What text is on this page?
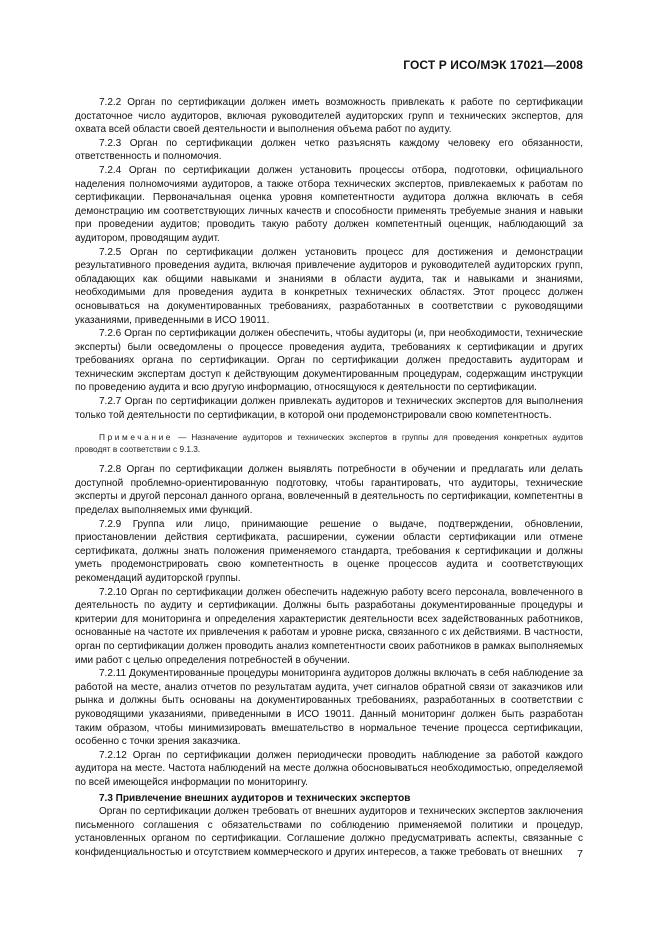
ГОСТ Р ИСО/МЭК 17021—2008

7.2.2 Орган по сертификации должен иметь возможность привлекать к работе по сертификации достаточное число аудиторов, включая руководителей аудиторских групп и технических экспертов, для охвата всей области своей деятельности и выполнения объема работ по аудиту.

7.2.3 Орган по сертификации должен четко разъяснять каждому человеку его обязанности, ответственность и полномочия.

7.2.4 Орган по сертификации должен установить процессы отбора, подготовки, официального наделения полномочиями аудиторов, а также отбора технических экспертов, привлекаемых к работам по сертификации. Первоначальная оценка уровня компетентности аудитора должна включать в себя демонстрацию им соответствующих личных качеств и способности применять требуемые знания и навыки при проведении аудитов; проводить такую работу должен компетентный оценщик, наблюдающий за аудитором, проводящим аудит.

7.2.5 Орган по сертификации должен установить процесс для достижения и демонстрации результативного проведения аудита, включая привлечение аудиторов и руководителей аудиторских групп, обладающих как общими навыками и знаниями в области аудита, так и навыками и знаниями, необходимыми для проведения аудита в конкретных технических областях. Этот процесс должен основываться на документированных требованиях, разработанных в соответствии с руководящими указаниями, приведенными в ИСО 19011.

7.2.6 Орган по сертификации должен обеспечить, чтобы аудиторы (и, при необходимости, технические эксперты) были осведомлены о процессе проведения аудита, требованиях к сертификации и других требованиях органа по сертификации. Орган по сертификации должен предоставить аудиторам и техническим экспертам доступ к действующим документированным процедурам, содержащим инструкции по проведению аудита и всю другую информацию, относящуюся к деятельности по сертификации.

7.2.7 Орган по сертификации должен привлекать аудиторов и технических экспертов для выполнения только той деятельности по сертификации, в которой они продемонстрировали свою компетентность.

Примечание — Назначение аудиторов и технических экспертов в группы для проведения конкретных аудитов проводят в соответствии с 9.1.3.

7.2.8 Орган по сертификации должен выявлять потребности в обучении и предлагать или делать доступной проблемно-ориентированную подготовку, чтобы гарантировать, что аудиторы, технические эксперты и другой персонал данного органа, вовлеченный в деятельность по сертификации, компетентны в пределах выполняемых ими функций.

7.2.9 Группа или лицо, принимающие решение о выдаче, подтверждении, обновлении, приостановлении действия сертификата, расширении, сужении области сертификации или отмене сертификата, должны знать положения применяемого стандарта, требования к сертификации и должны уметь продемонстрировать свою компетентность в оценке процессов аудита и соответствующих рекомендаций аудиторской группы.

7.2.10 Орган по сертификации должен обеспечить надежную работу всего персонала, вовлеченного в деятельность по аудиту и сертификации. Должны быть разработаны документированные процедуры и критерии для мониторинга и определения характеристик деятельности всех задействованных работников, основанные на частоте их привлечения к работам и уровне риска, связанного с их действиями. В частности, орган по сертификации должен проводить анализ компетентности своих работников в рамках выполняемых ими работ с целью определения потребностей в обучении.

7.2.11 Документированные процедуры мониторинга аудиторов должны включать в себя наблюдение за работой на месте, анализ отчетов по результатам аудита, учет сигналов обратной связи от заказчиков или рынка и должны быть основаны на документированных требованиях, разработанных в соответствии с руководящими указаниями, приведенными в ИСО 19011. Данный мониторинг должен быть разработан таким образом, чтобы минимизировать вмешательство в нормальное течение процесса сертификации, особенно с точки зрения заказчика.

7.2.12 Орган по сертификации должен периодически проводить наблюдение за работой каждого аудитора на месте. Частота наблюдений на месте должна обосновываться необходимостью, определяемой по всей имеющейся информации по мониторингу.

7.3 Привлечение внешних аудиторов и технических экспертов

Орган по сертификации должен требовать от внешних аудиторов и технических экспертов заключения письменного соглашения с обязательствами по соблюдению применяемой политики и процедур, установленных органом по сертификации. Соглашение должно предусматривать аспекты, связанные с конфиденциальностью и отсутствием коммерческого и других интересов, а также требовать от внешних	7
